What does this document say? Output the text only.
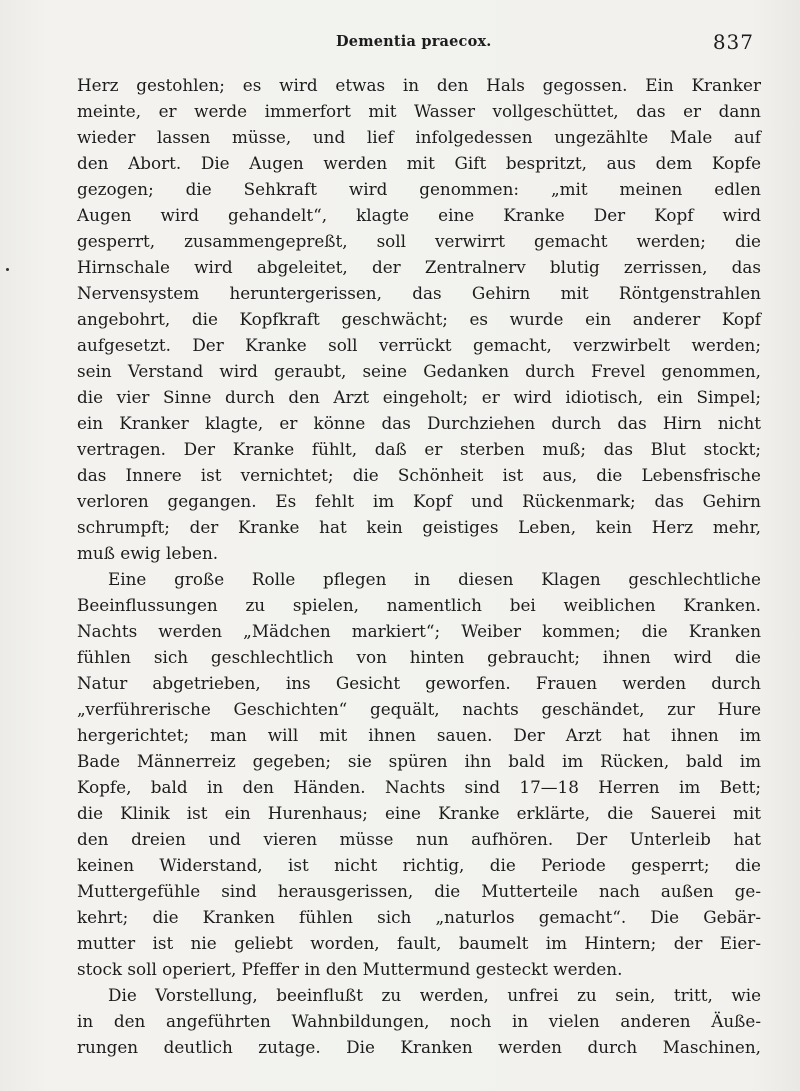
Dementia praecox.	837
Herz gestohlen; es wird etwas in den Hals gegossen. Ein Kranker
meinte, er werde immerfort mit Wasser vollgeschüttet, das er dann
wieder lassen müsse, und lief infolgedessen ungezählte Male auf
den Abort. Die Augen werden mit Gift bespritzt, aus dem Kopfe
gezogen; die Sehkraft wird genommen: „mit meinen edlen
Augen wird gehandelt“, klagte eine Kranke Der Kopf wird
gesperrt, zusammengepreßt, soll verwirrt gemacht werden; die
Hirnschale wird abgeleitet, der Zentralnerv blutig zerrissen, das
Nervensystem heruntergerissen, das Gehirn mit Röntgenstrahlen
angebohrt, die Kopfkraft geschwächt; es wurde ein anderer Kopf
aufgesetzt. Der Kranke soll verrückt gemacht, verzwirbelt werden;
sein Verstand wird geraubt, seine Gedanken durch Frevel genommen,
die vier Sinne durch den Arzt eingeholt; er wird idiotisch, ein Simpel;
ein Kranker klagte, er könne das Durchziehen durch das Hirn nicht
vertragen. Der Kranke fühlt, daß er sterben muß; das Blut stockt;
das Innere ist vernichtet; die Schönheit ist aus, die Lebensfrische
verloren gegangen. Es fehlt im Kopf und Rückenmark; das Gehirn
schrumpft; der Kranke hat kein geistiges Leben, kein Herz mehr,
muß ewig leben.
Eine große Rolle pflegen in diesen Klagen geschlechtliche
Beeinflussungen zu spielen, namentlich bei weiblichen Kranken.
Nachts werden „Mädchen markiert“; Weiber kommen; die Kranken
fühlen sich geschlechtlich von hinten gebraucht; ihnen wird die
Natur abgetrieben, ins Gesicht geworfen. Frauen werden durch
„verführerische Geschichten“ gequält, nachts geschändet, zur Hure
hergerichtet; man will mit ihnen sauen. Der Arzt hat ihnen im
Bade Männerreiz gegeben; sie spüren ihn bald im Rücken, bald im
Kopfe, bald in den Händen. Nachts sind 17—18 Herren im Bett;
die Klinik ist ein Hurenhaus; eine Kranke erklärte, die Sauerei mit
den dreien und vieren müsse nun aufhören. Der Unterleib hat
keinen Widerstand, ist nicht richtig, die Periode gesperrt; die
Muttergefühle sind herausgerissen, die Mutterteile nach außen ge-
kehrt; die Kranken fühlen sich „naturlos gemacht“. Die Gebär-
mutter ist nie geliebt worden, fault, baumelt im Hintern; der Eier-
stock soll operiert, Pfeffer in den Muttermund gesteckt werden.
Die Vorstellung, beeinflußt zu werden, unfrei zu sein, tritt, wie
in den angeführten Wahnbildungen, noch in vielen anderen Äuße-
rungen deutlich zutage. Die Kranken werden durch Maschinen,
